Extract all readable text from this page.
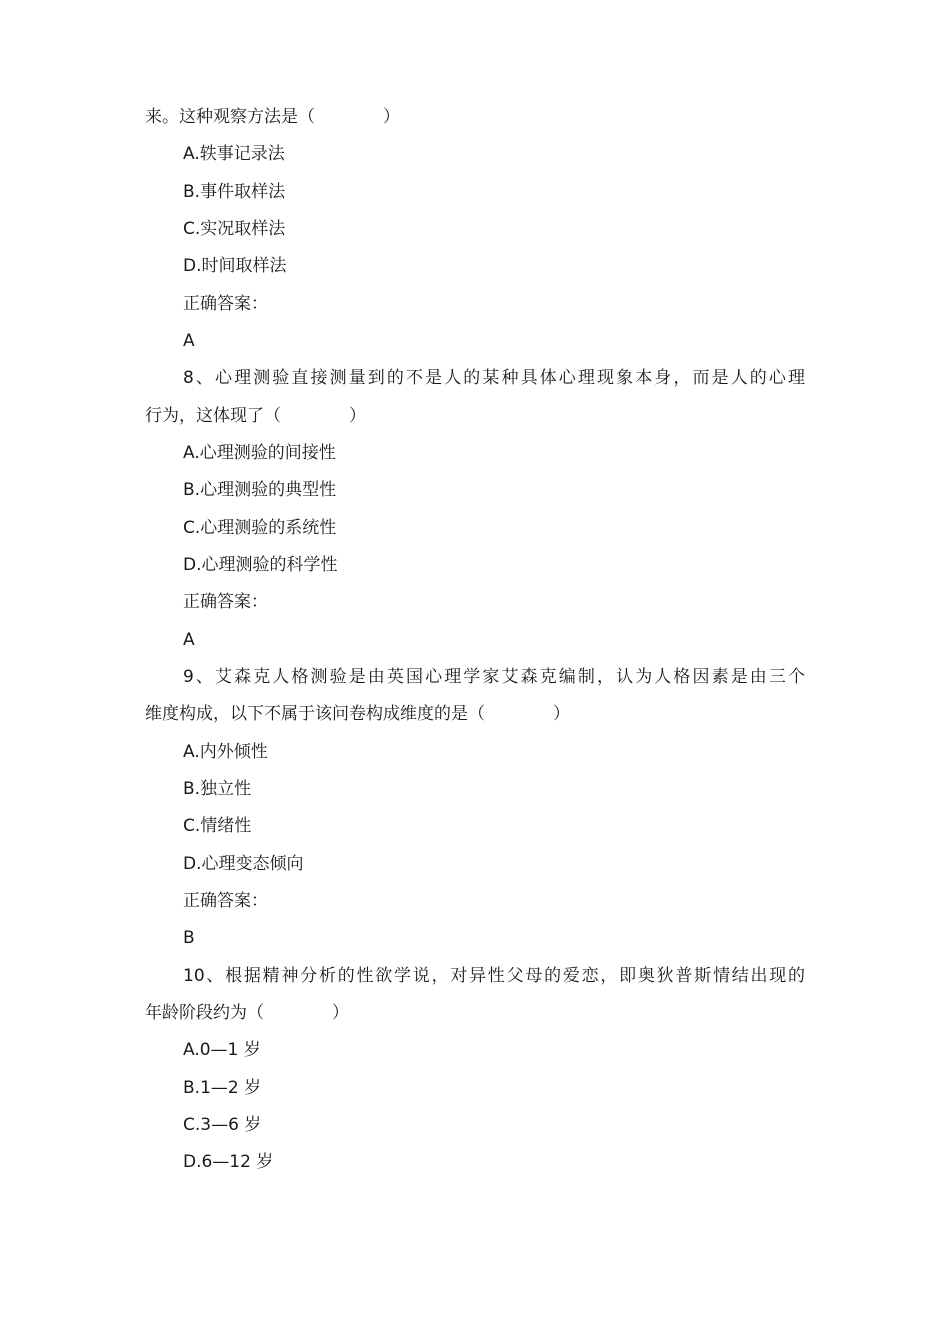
来。这种观察方法是（　　　　）
A.轶事记录法
B.事件取样法
C.实况取样法
D.时间取样法
正确答案：
A
8、心理测验直接测量到的不是人的某种具体心理现象本身，而是人的心理
行为，这体现了（　　　　）
A.心理测验的间接性
B.心理测验的典型性
C.心理测验的系统性
D.心理测验的科学性
正确答案：
A
9、艾森克人格测验是由英国心理学家艾森克编制，认为人格因素是由三个
维度构成，以下不属于该问卷构成维度的是（　　　　）
A.内外倾性
B.独立性
C.情绪性
D.心理变态倾向
正确答案：
B
10、根据精神分析的性欲学说，对异性父母的爱恋，即奥狄普斯情结出现的
年龄阶段约为（　　　　）
A.0—1 岁
B.1—2 岁
C.3—6 岁
D.6—12 岁
